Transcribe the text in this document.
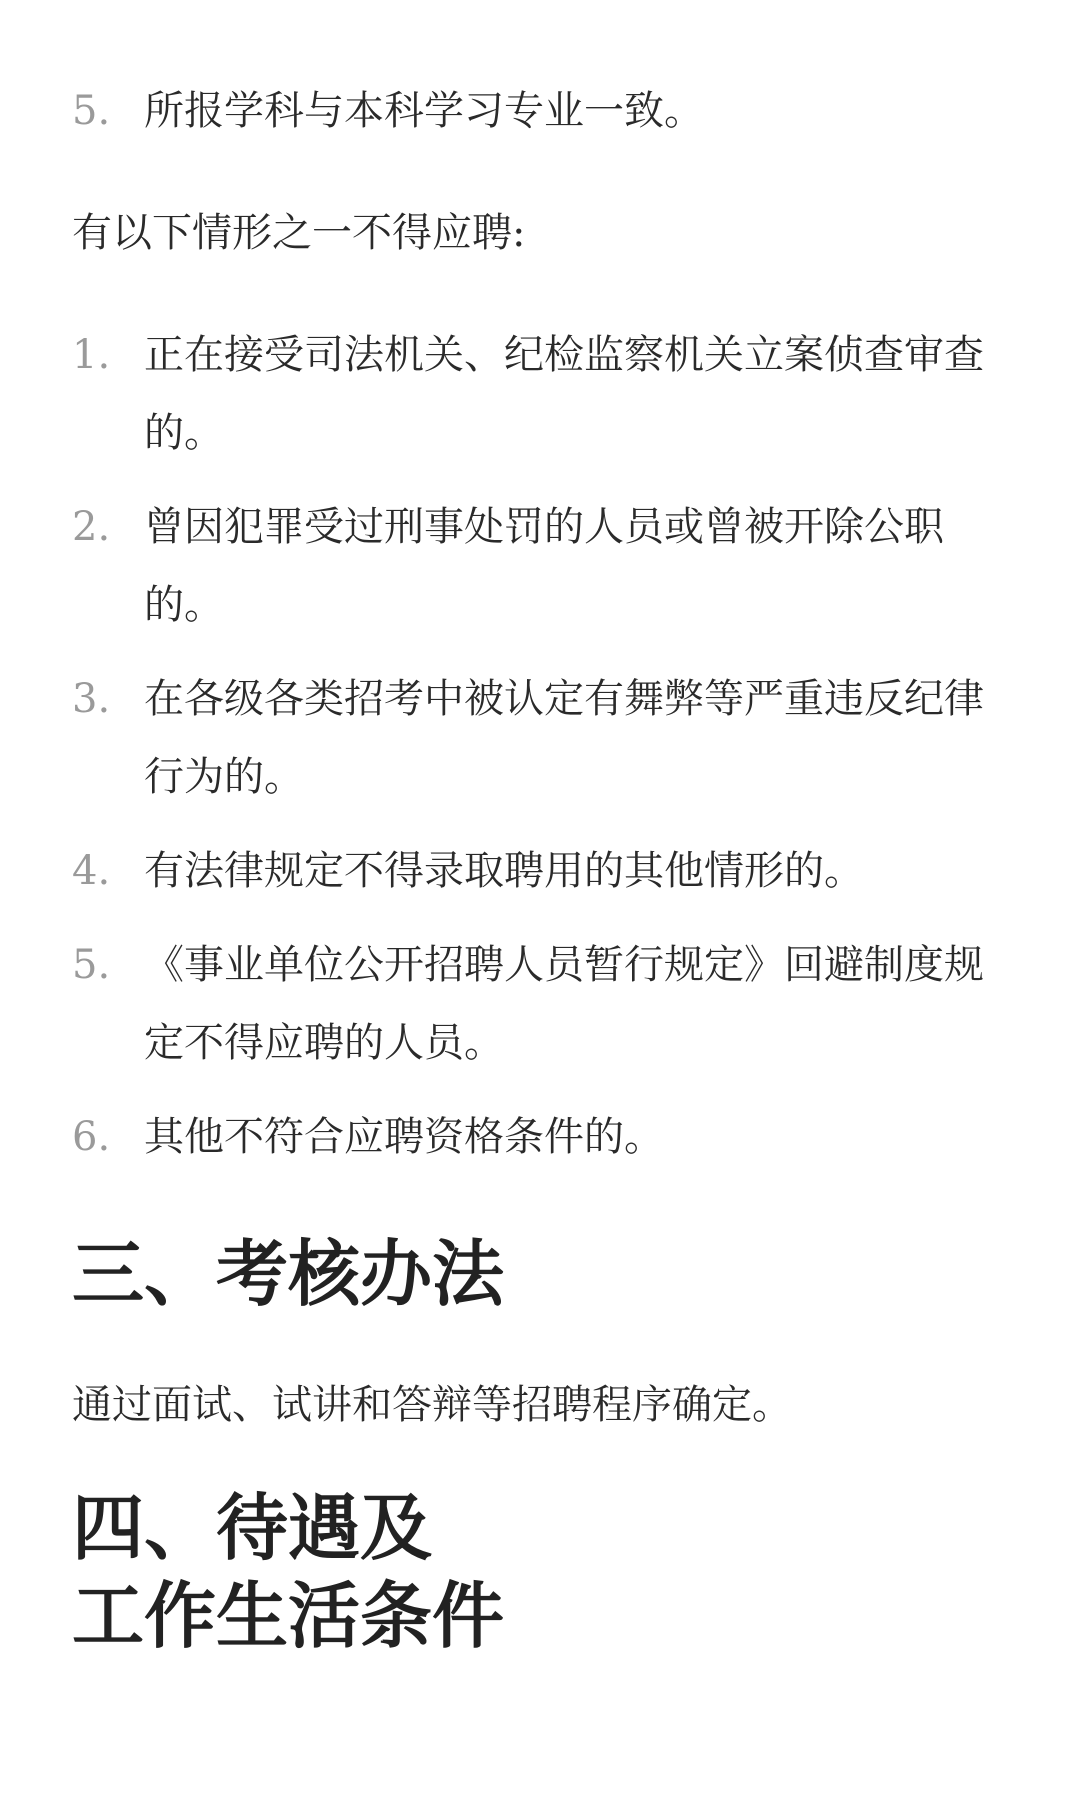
5. 所报学科与本科学习专业一致。

有以下情形之一不得应聘:

1. 正在接受司法机关、纪检监察机关立案侦查审查的。
2. 曾因犯罪受过刑事处罚的人员或曾被开除公职的。
3. 在各级各类招考中被认定有舞弊等严重违反纪律行为的。
4. 有法律规定不得录取聘用的其他情形的。
5. 《事业单位公开招聘人员暂行规定》回避制度规定不得应聘的人员。
6. 其他不符合应聘资格条件的。
三、考核办法

通过面试、试讲和答辩等招聘程序确定。

四、待遇及
工作生活条件
